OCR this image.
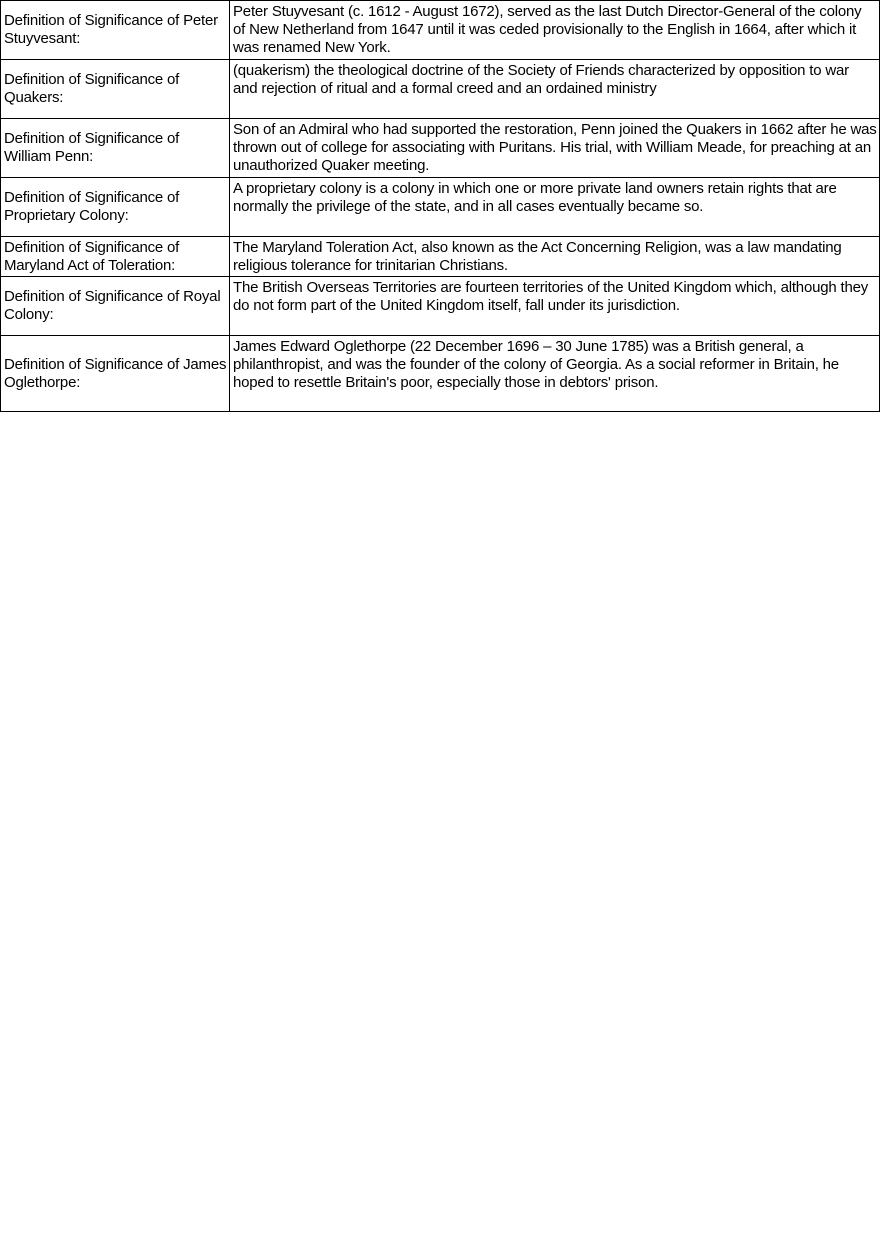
Definition of Significance of Peter Stuyvesant:	Peter Stuyvesant (c. 1612 - August 1672), served as the last Dutch Director-General of the colony of New Netherland from 1647 until it was ceded provisionally to the English in 1664, after which it was renamed New York.
Definition of Significance of Quakers:	(quakerism) the theological doctrine of the Society of Friends characterized by opposition to war and rejection of ritual and a formal creed and an ordained ministry
Definition of Significance of William Penn:	Son of an Admiral who had supported the restoration, Penn joined the Quakers in 1662 after he was thrown out of college for associating with Puritans. His trial, with William Meade, for preaching at an unauthorized Quaker meeting.
Definition of Significance of Proprietary Colony:	A proprietary colony is a colony in which one or more private land owners retain rights that are normally the privilege of the state, and in all cases eventually became so.
Definition of Significance of Maryland Act of Toleration:	The Maryland Toleration Act, also known as the Act Concerning Religion, was a law mandating religious tolerance for trinitarian Christians.
Definition of Significance of Royal Colony:	The British Overseas Territories are fourteen territories of the United Kingdom which, although they do not form part of the United Kingdom itself, fall under its jurisdiction.
Definition of Significance of James Oglethorpe:	James Edward Oglethorpe (22 December 1696 – 30 June 1785) was a British general, a philanthropist, and was the founder of the colony of Georgia. As a social reformer in Britain, he hoped to resettle Britain's poor, especially those in debtors' prison.
